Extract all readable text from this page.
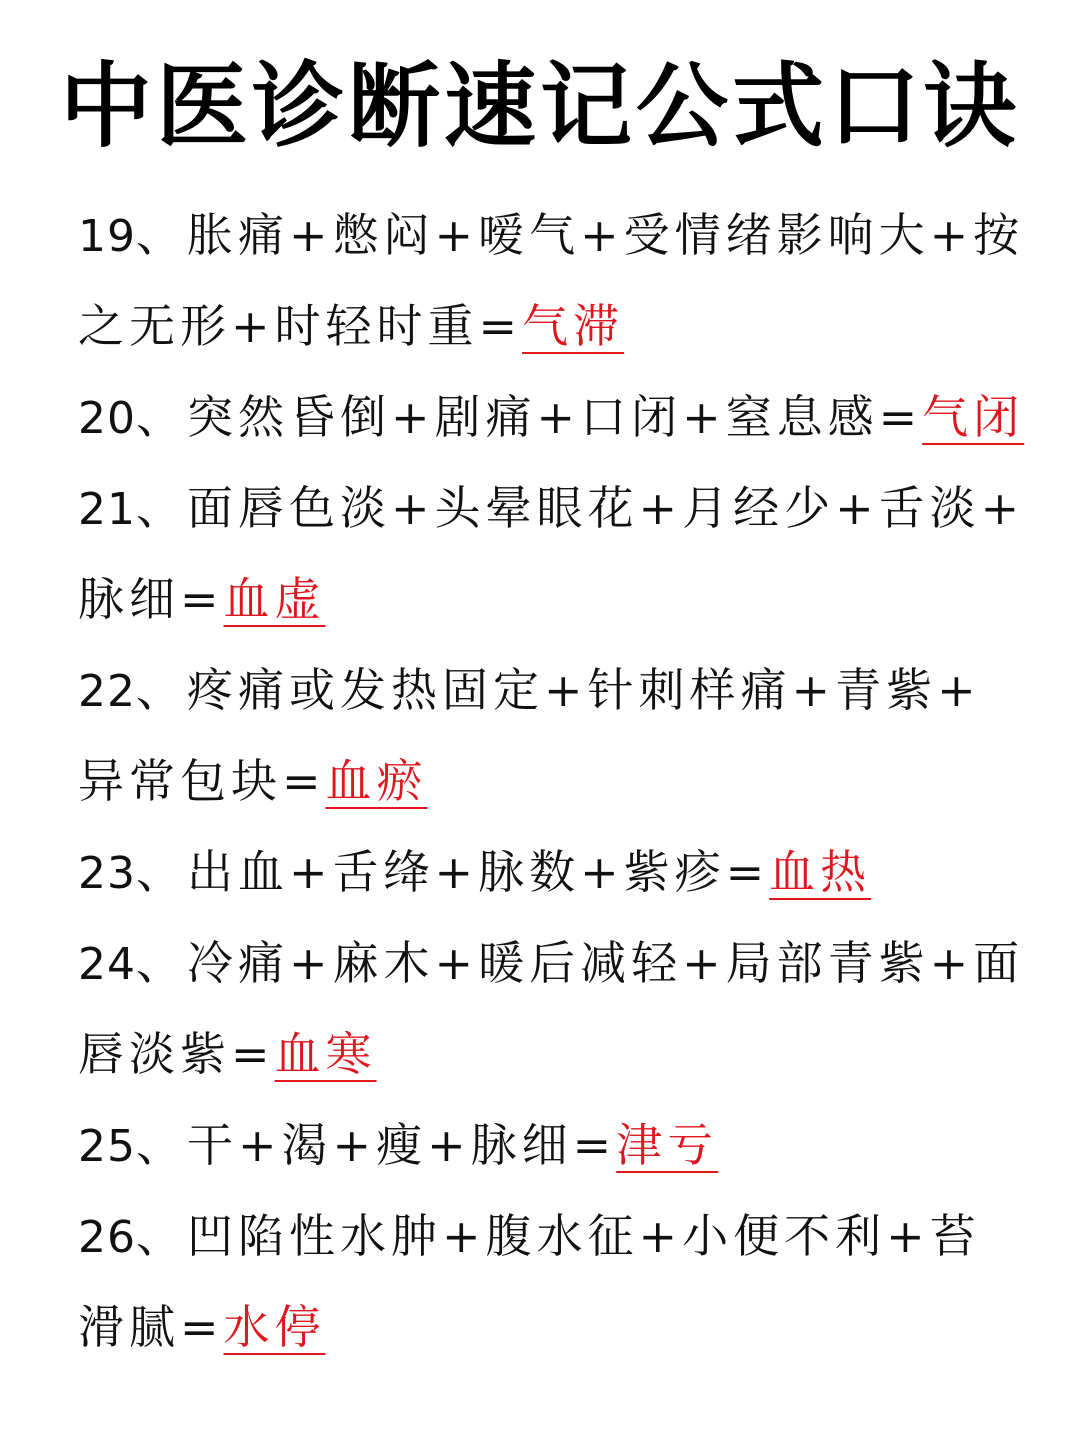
中医诊断速记公式口诀
19、胀痛+憋闷+嗳气+受情绪影响大+按
之无形+时轻时重=气滞
20、突然昏倒+剧痛+口闭+窒息感=气闭
21、面唇色淡+头晕眼花+月经少+舌淡+
脉细=血虚
22、疼痛或发热固定+针刺样痛+青紫+
异常包块=血瘀
23、出血+舌绛+脉数+紫疹=血热
24、冷痛+麻木+暖后减轻+局部青紫+面
唇淡紫=血寒
25、干+渴+瘦+脉细=津亏
26、凹陷性水肿+腹水征+小便不利+苔
滑腻=水停
